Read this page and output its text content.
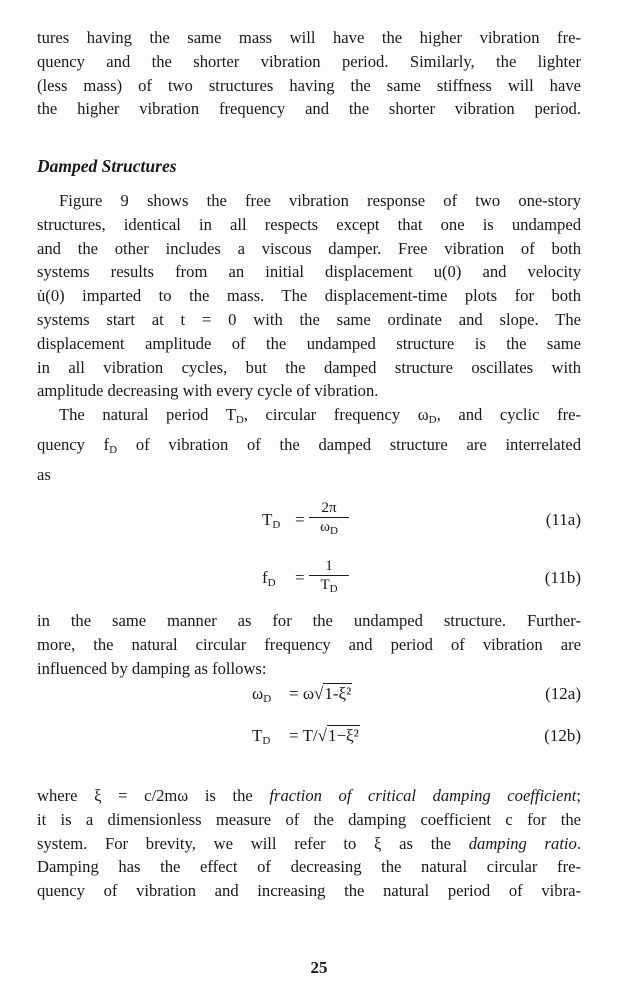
tures having the same mass will have the higher vibration fre-
quency and the shorter vibration period. Similarly, the lighter
(less mass) of two structures having the same stiffness will have
the higher vibration frequency and the shorter vibration period.
Damped Structures
Figure 9 shows the free vibration response of two one-story
structures, identical in all respects except that one is undamped
and the other includes a viscous damper. Free vibration of both
systems results from an initial displacement u(0) and velocity
u̇(0) imparted to the mass. The displacement-time plots for both
systems start at t = 0 with the same ordinate and slope. The
displacement amplitude of the undamped structure is the same
in all vibration cycles, but the damped structure oscillates with
amplitude decreasing with every cycle of vibration.
The natural period $T_D$, circular frequency $\omega_D$, and cyclic fre-
quency $f_D$ of vibration of the damped structure are interrelated
as
$T_D$ =
2π
$\omega_D$
(11a)
$f_D$ =
1
$T_D$
(11b)
in the same manner as for the undamped structure. Further-
more, the natural circular frequency and period of vibration are
influenced by damping as follows:
$\omega_D = \omega√1-\xi^2$	(12a)
$T_D = T/√1-\xi^2$	(12b)
where ξ = c/2mω is the fraction of critical damping coefficient;
it is a dimensionless measure of the damping coefficient c for the
system. For brevity, we will refer to ξ as the damping ratio.
Damping has the effect of decreasing the natural circular fre-
quency of vibration and increasing the natural period of vibra-
25
